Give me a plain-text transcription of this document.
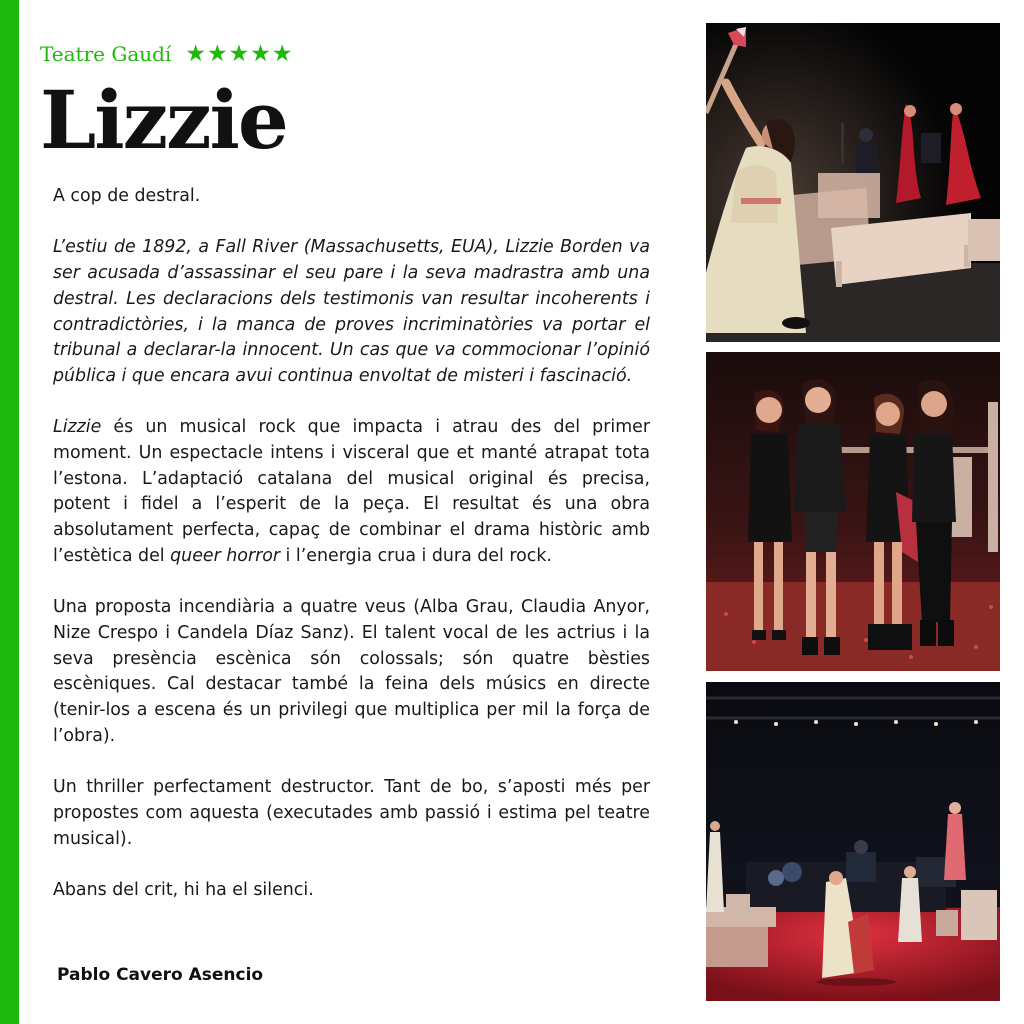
Teatre Gaudí ★ ★ ★ ★ ★
Lizzie

A cop de destral.

L’estiu de 1892, a Fall River (Massachusetts, EUA), Lizzie Borden va ser acusada d’assassinar el seu pare i la seva madrastra amb una destral. Les declaracions dels testimonis van resultar incoherents i contradictòries, i la manca de proves incriminatòries va portar el tribunal a declarar-la innocent. Un cas que va commocionar l’opinió pública i que encara avui continua envoltat de misteri i fascinació.

Lizzie és un musical rock que impacta i atrau des del primer moment. Un espectacle intens i visceral que et manté atrapat tota l’estona. L’adaptació catalana del musical original és precisa, potent i fidel a l’esperit de la peça. El resultat és una obra absolutament perfecta, capaç de combinar el drama històric amb l’estètica del queer horror i l’energia crua i dura del rock.

Una proposta incendiària a quatre veus (Alba Grau, Claudia Anyor, Nize Crespo i Candela Díaz Sanz). El talent vocal de les actrius i la seva presència escènica són colossals; són quatre bèsties escèniques. Cal destacar també la feina dels músics en directe (tenir-los a escena és un privilegi que multiplica per mil la força de l’obra).

Un thriller perfectament destructor. Tant de bo, s’aposti més per propostes com aquesta (executades amb passió i estima pel teatre musical).

Abans del crit, hi ha el silenci.

Pablo Cavero Asencio
